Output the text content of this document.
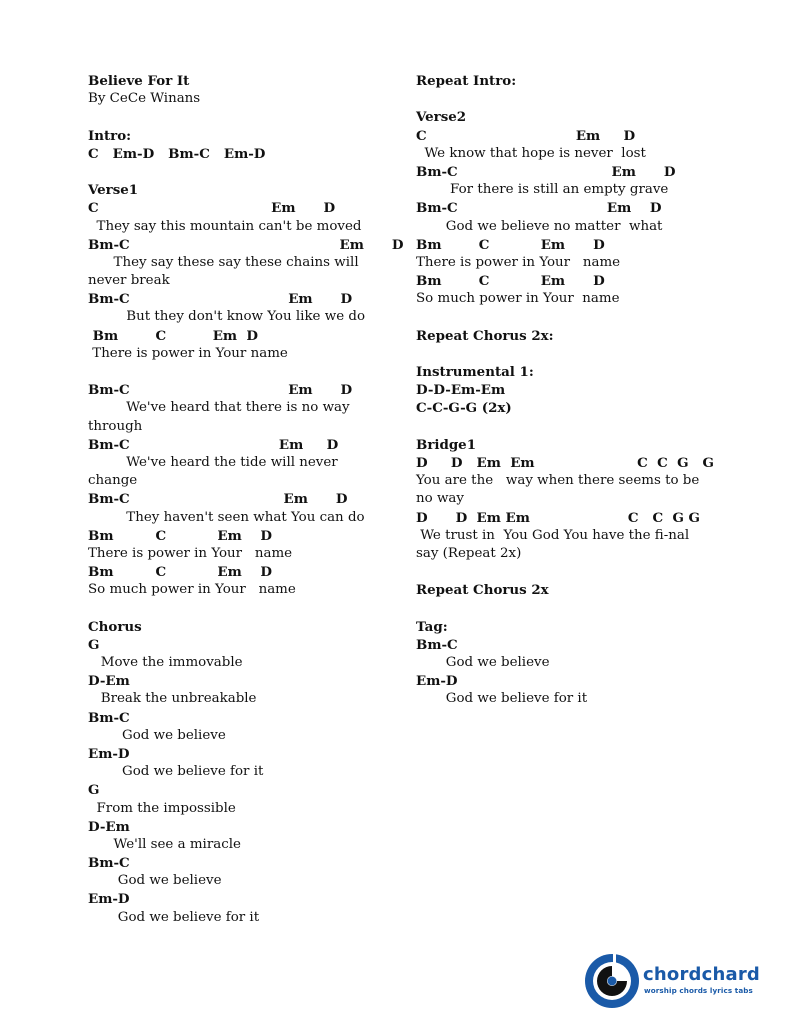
Believe For It
By CeCe Winans
Intro:
C   Em-D   Bm-C   Em-D
Verse1
C                                     Em      D
They say this mountain can't be moved
Bm-C                                             Em      D
They say these say these chains will
never break
Bm-C                                  Em      D
But they don't know You like we do
Bm        C          Em  D
There is power in Your name
Bm-C                                  Em      D
We've heard that there is no way
through
Bm-C                                Em     D
We've heard the tide will never
change
Bm-C                                 Em      D
They haven't seen what You can do
Bm         C           Em    D
There is power in Your   name
Bm         C           Em    D
So much power in Your   name
Chorus
G
Move the immovable
D-Em
Break the unbreakable
Bm-C
God we believe
Em-D
God we believe for it
G
From the impossible
D-Em
We'll see a miracle
Bm-C
God we believe
Em-D
God we believe for it
Repeat Intro:
Verse2
C                                Em     D
We know that hope is never  lost
Bm-C                                 Em      D
For there is still an empty grave
Bm-C                                Em    D
God we believe no matter  what
Bm        C           Em      D
There is power in Your   name
Bm        C           Em      D
So much power in Your  name
Repeat Chorus 2x:
Instrumental 1:
D-D-Em-Em
C-C-G-G (2x)
Bridge1
D     D   Em  Em                      C  C  G   G
You are the   way when there seems to be
no way
D      D  Em Em                     C   C  G G
We trust in  You God You have the fi-nal
say (Repeat 2x)
Repeat Chorus 2x
Tag:
Bm-C
God we believe
Em-D
God we believe for it
chordchard
worship chords lyrics tabs
